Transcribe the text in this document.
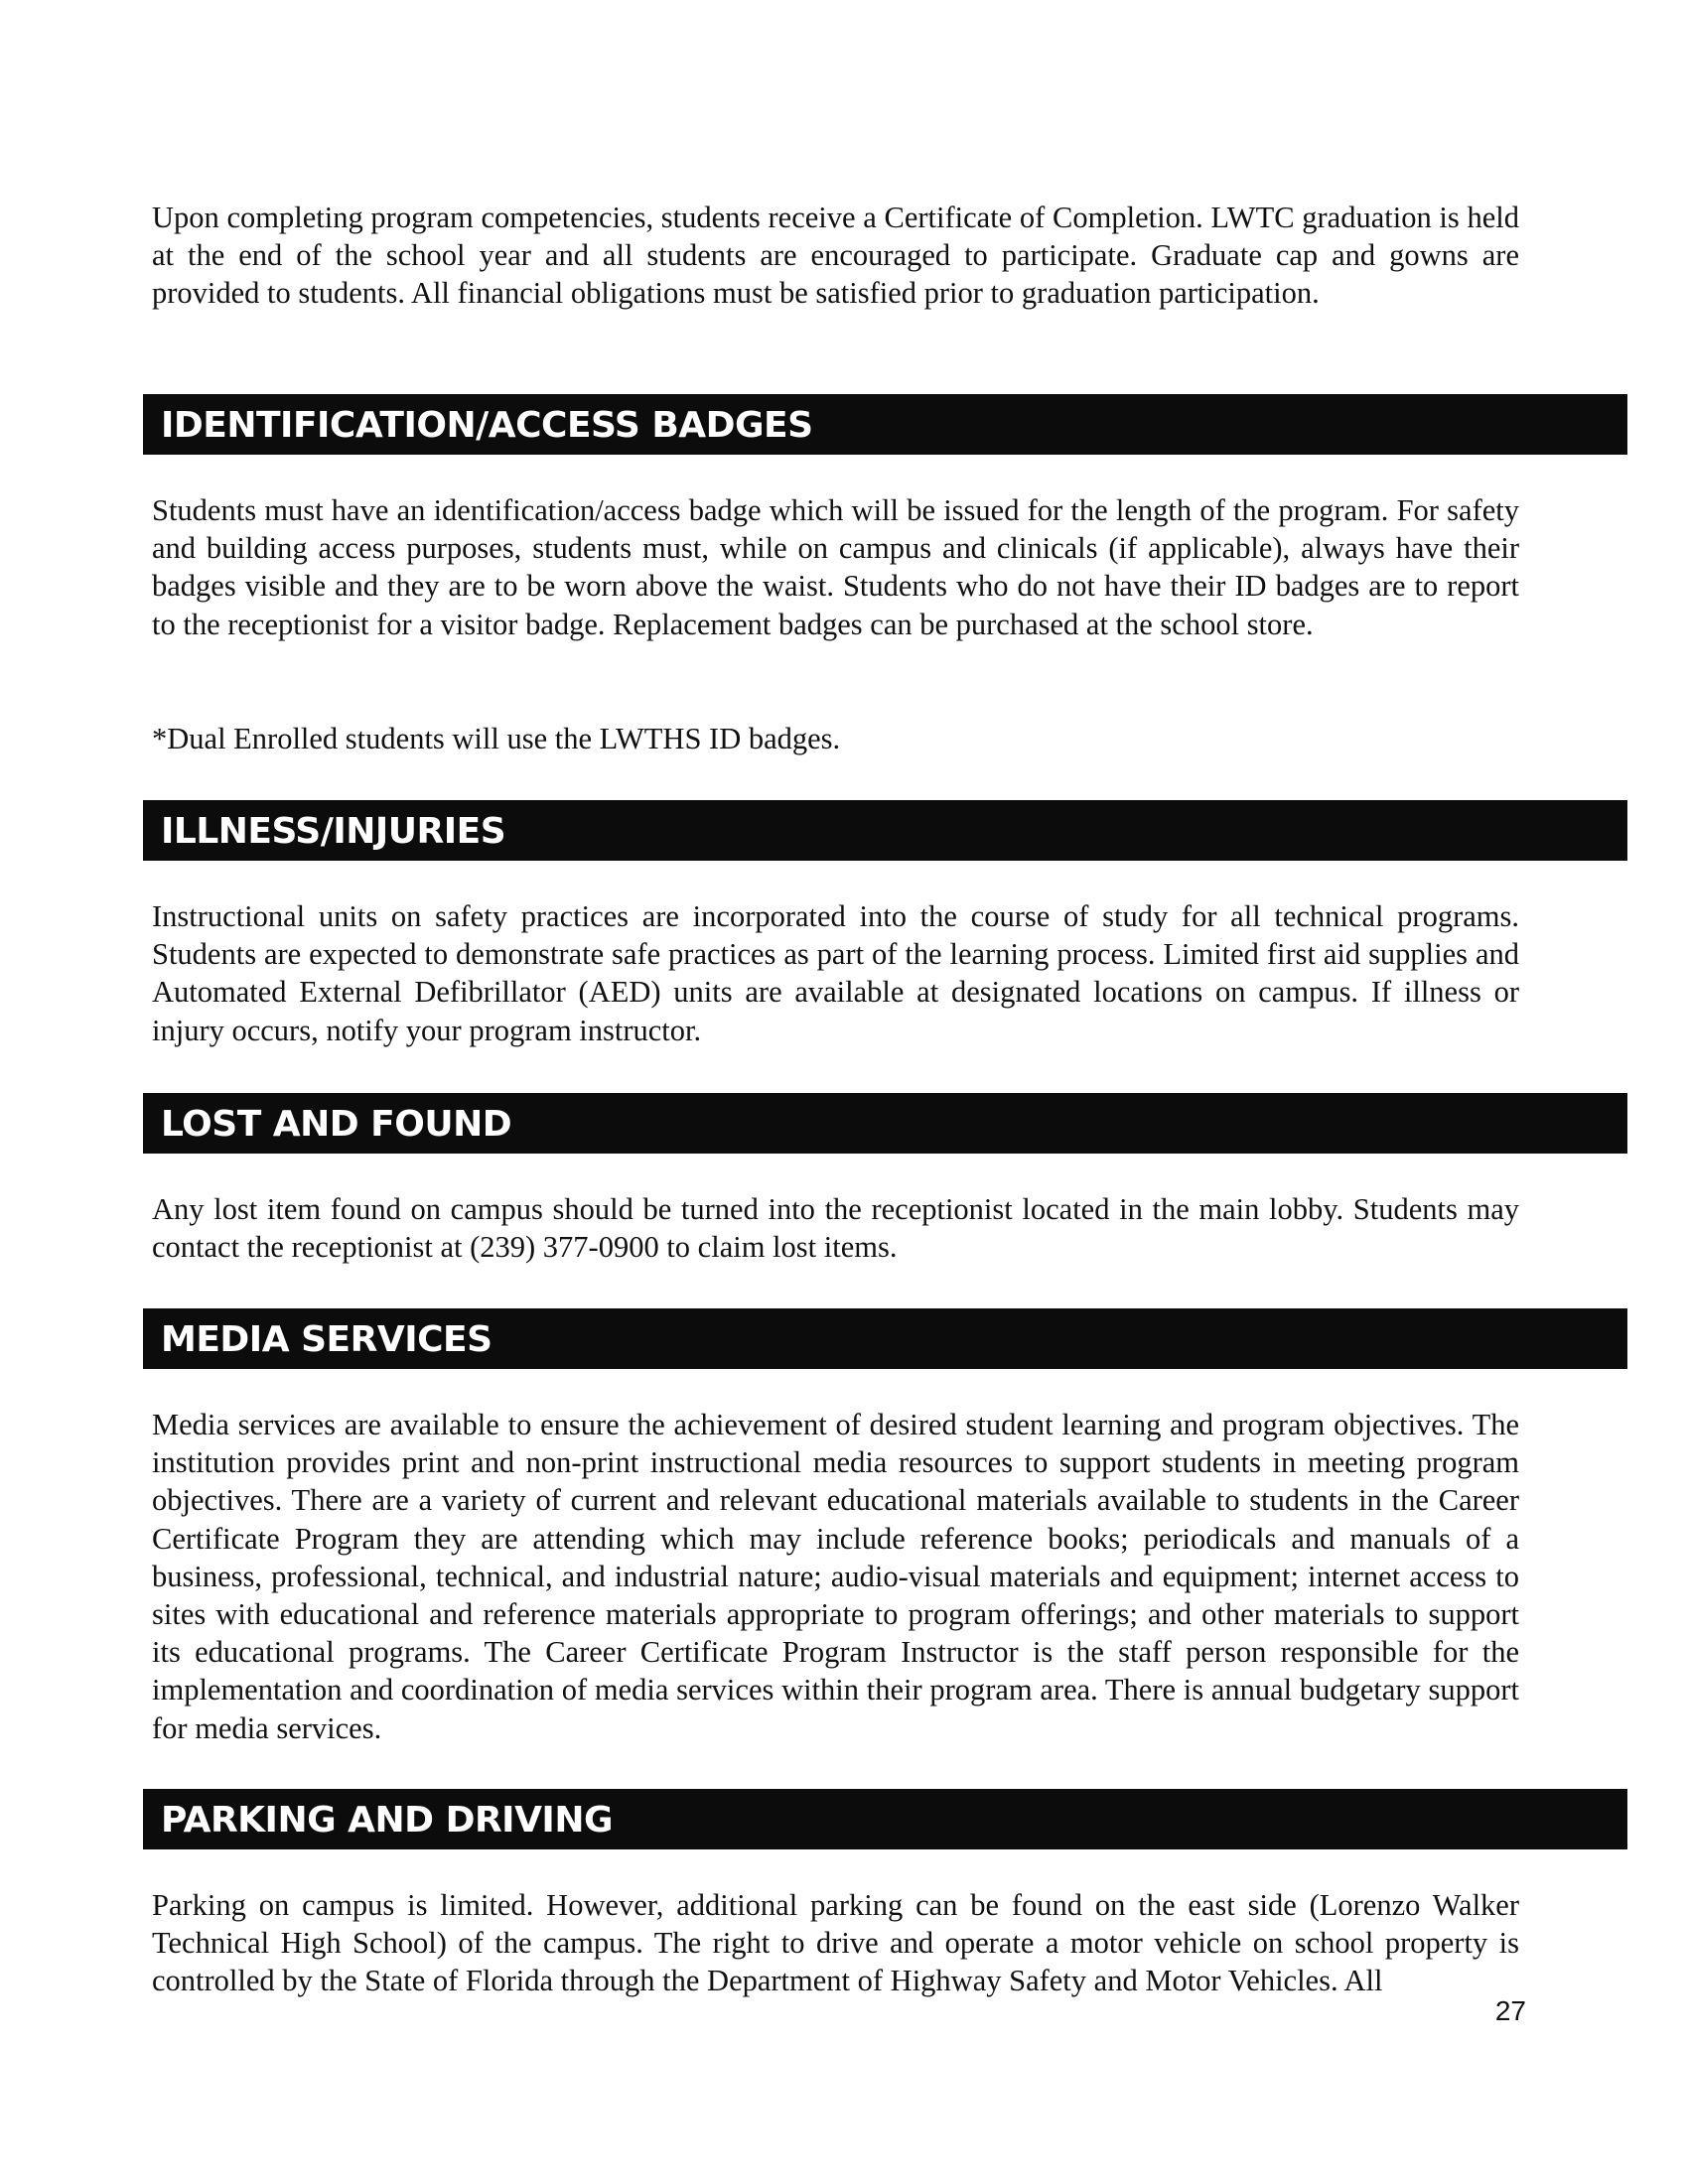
Upon completing program competencies, students receive a Certificate of Completion. LWTC graduation is held at the end of the school year and all students are encouraged to participate. Graduate cap and gowns are provided to students. All financial obligations must be satisfied prior to graduation participation.

IDENTIFICATION/ACCESS BADGES

Students must have an identification/access badge which will be issued for the length of the program. For safety and building access purposes, students must, while on campus and clinicals (if applicable), always have their badges visible and they are to be worn above the waist. Students who do not have their ID badges are to report to the receptionist for a visitor badge. Replacement badges can be purchased at the school store.

*Dual Enrolled students will use the LWTHS ID badges.

ILLNESS/INJURIES

Instructional units on safety practices are incorporated into the course of study for all technical programs. Students are expected to demonstrate safe practices as part of the learning process. Limited first aid supplies and Automated External Defibrillator (AED) units are available at designated locations on campus. If illness or injury occurs, notify your program instructor.

LOST AND FOUND

Any lost item found on campus should be turned into the receptionist located in the main lobby. Students may contact the receptionist at (239) 377-0900 to claim lost items.

MEDIA SERVICES

Media services are available to ensure the achievement of desired student learning and program objectives. The institution provides print and non-print instructional media resources to support students in meeting program objectives. There are a variety of current and relevant educational materials available to students in the Career Certificate Program they are attending which may include reference books; periodicals and manuals of a business, professional, technical, and industrial nature; audio-visual materials and equipment; internet access to sites with educational and reference materials appropriate to program offerings; and other materials to support its educational programs. The Career Certificate Program Instructor is the staff person responsible for the implementation and coordination of media services within their program area. There is annual budgetary support for media services.

PARKING AND DRIVING

Parking on campus is limited. However, additional parking can be found on the east side (Lorenzo Walker Technical High School) of the campus. The right to drive and operate a motor vehicle on school property is controlled by the State of Florida through the Department of Highway Safety and Motor Vehicles. All

27
